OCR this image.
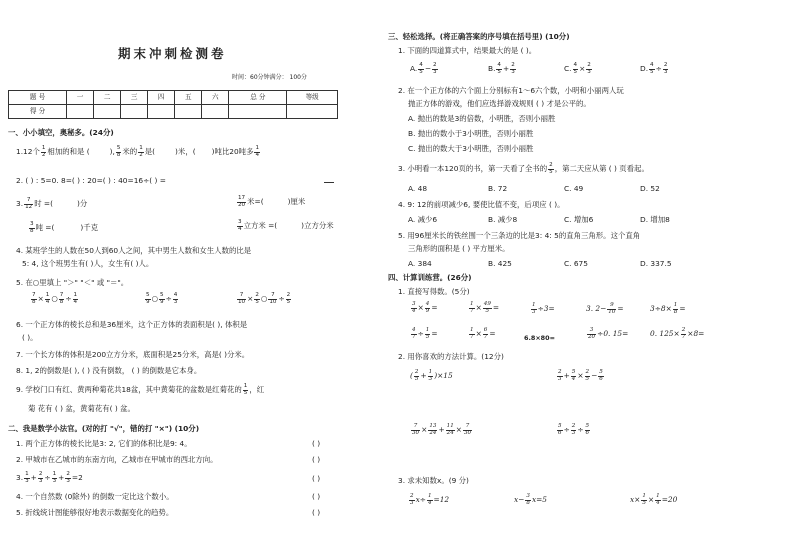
期末冲刺检测卷
时间：60分钟满分： 100分
题 号	一	二	三	四	五	六	总 分	等级
得 分								
一、小小填空，奥秘多。(24分)
1.12个 $\frac{1}{2}$ 相加的和是 (	), $\frac{5}{8}$ 米的 $\frac{1}{2}$ 是(	)米，( )吨比20吨多 $\frac{1}{4}$
2. ( ) : 5=0. 8=( ) : 20=( ) : 40=16÷( ) =
3. $\frac{7}{12}$ 时 =(	)分	$\frac{17}{20}$ 米=(	)厘米
$\frac{3}{8}$ 吨 =(	)千克	$\frac{3}{4}$ 立方米 =(	)立方分米
4. 某班学生的人数在50人到60人之间，其中男生人数和女生人数的比是
5: 4, 这个班男生有( )人，女生有( )人。
5. 在○里填上 "＞" "＜" 或 "＝"。
$\frac{7}{8} \times \frac{1}{4}$ ○ $\frac{7}{8} \div \frac{1}{4}$	$\frac{5}{9}$ ○ $\frac{5}{9} \div \frac{4}{3}$	$\frac{7}{10} \times \frac{2}{5}$ ○ $\frac{7}{10} \div \frac{2}{5}$
6. 一个正方体的棱长总和是36厘米，这个正方体的表面积是( ), 体积是
( )。
7. 一个长方体的体积是200立方分米，底面积是25分米，高是( )分米。
8. 1, 2的倒数是( ), ( ) 没有倒数， ( ) 的倒数是它本身。
9. 学校门口有红、黄两种菊花共18盆，其中黄菊花的盆数是红菊花的 $\frac{1}{5}$ ，红
菊 花有 ( ) 盆，黄菊花有( ) 盆。
二、我是数学小法官。(对的打 "√"，错的打 "×") (10分)
1. 两个正方体的棱长比是3: 2, 它们的体积比是9: 4。
2. 甲城市在乙城市的东南方向，乙城市在甲城市的西北方向。
3. $\frac{1}{3} + \frac{2}{3} \div \frac{1}{3} + \frac{2}{3} =2$
4. 一个自然数 (0除外) 的倒数一定比这个数小。
5. 折线统计图能够很好地表示数据变化的趋势。
( )
( )
( )
( )
( )
三、轻松选择。(将正确答案的序号填在括号里) (10分)
1. 下面的四道算式中，结果最大的是 ( )。
A. $\frac{4}{5} - \frac{2}{3}$	B. $\frac{4}{5} + \frac{2}{3}$	C. $\frac{4}{5} \times \frac{2}{3}$	D. $\frac{4}{5} \div \frac{2}{3}$
2. 在一个正方体的六个面上分别标有1～6六个数，小明和小丽两人玩
抛正方体的游戏，他们应选择游戏规则 ( ) 才是公平的。
A. 抛出的数是3的倍数，小明胜，否则小丽胜
B. 抛出的数小于3小明胜，否则小丽胜
C. 抛出的数大于3小明胜，否则小丽胜
3. 小明看一本120页的书，第一天看了全书的 $\frac{2}{5}$ ，第二天应从第 ( ) 页看起。
A. 48	B. 72	C. 49	D. 52
4. 9: 12的前项减少6, 要使比值不变，后项应 ( )。
A. 减少6	B. 减少8	C. 增加6	D. 增加8
5. 用96厘米长的铁丝围一个三条边的比是3: 4: 5的直角三角形。这个直角
三角形的面积是 ( ) 平方厘米。
A. 384	B. 425	C. 675	D. 337.5
四、计算训练营。(26分)
1. 直接写得数。(5分)
$\frac{3}{4} \times \frac{4}{9}$ =	$\frac{1}{7} \times \frac{49}{5}$ =	$\frac{1}{3} \div 3=$	3. $2- \frac{9}{10}$ =	$3\div 8\times \frac{1}{8}$ =
$\frac{4}{7} \div \frac{1}{5}$ =	$\frac{1}{7} \times \frac{6}{7}$ =	6.8×80=	$\frac{3}{20} \div 0$. 15=	0. $125\times \frac{2}{7} \times 8=$
2. 用你喜欢的方法计算。(12分)
( $\frac{2}{5} + \frac{1}{3} )\times 15$	$\frac{2}{3} + \frac{5}{4} \times \frac{2}{5} - \frac{5}{6}$
$\frac{7}{30} \times \frac{13}{24} + \frac{11}{24} \times \frac{7}{30}$	$\frac{5}{6} \div \frac{2}{3} \div \frac{5}{6}$
3. 求未知数x。(9 分)
$\frac{2}{3} x\div \frac{1}{4} =12$	$x- \frac{3}{8} x=5$	$x\times \frac{1}{5} \times \frac{1}{4} =20$
